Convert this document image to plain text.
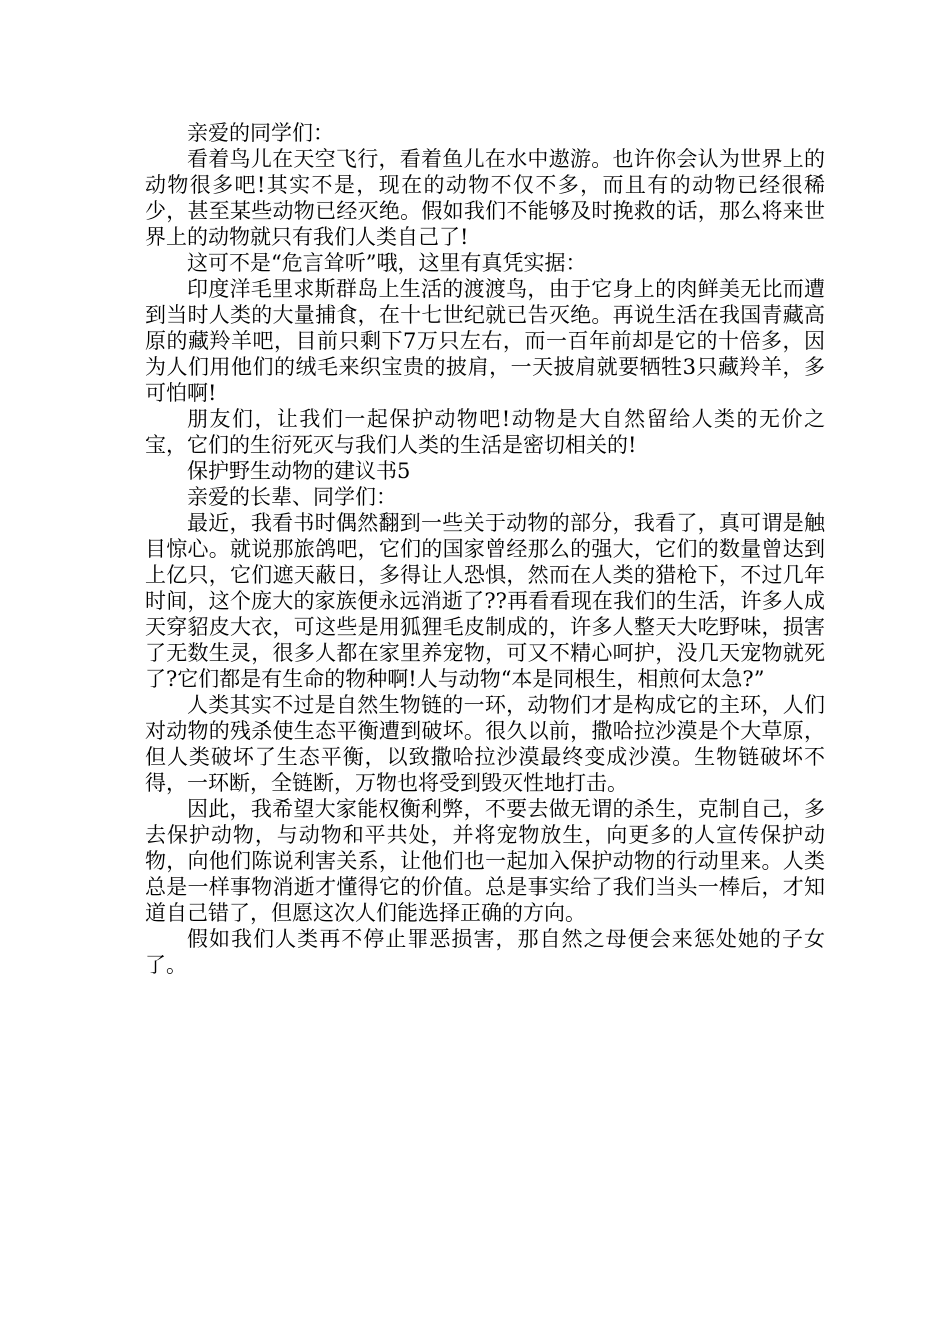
亲爱的同学们：

看着鸟儿在天空飞行，看着鱼儿在水中遨游。也许你会认为世界上的动物很多吧!其实不是，现在的动物不仅不多，而且有的动物已经很稀少，甚至某些动物已经灭绝。假如我们不能够及时挽救的话，那么将来世界上的动物就只有我们人类自己了!

这可不是“危言耸听”哦，这里有真凭实据：

印度洋毛里求斯群岛上生活的渡渡鸟，由于它身上的肉鲜美无比而遭到当时人类的大量捕食，在十七世纪就已告灭绝。再说生活在我国青藏高原的藏羚羊吧，目前只剩下7万只左右，而一百年前却是它的十倍多，因为人们用他们的绒毛来织宝贵的披肩，一天披肩就要牺牲3只藏羚羊，多可怕啊!

朋友们，让我们一起保护动物吧!动物是大自然留给人类的无价之宝，它们的生衍死灭与我们人类的生活是密切相关的!

保护野生动物的建议书5

亲爱的长辈、同学们：

最近，我看书时偶然翻到一些关于动物的部分，我看了，真可谓是触目惊心。就说那旅鸽吧，它们的国家曾经那么的强大，它们的数量曾达到上亿只，它们遮天蔽日，多得让人恐惧，然而在人类的猎枪下，不过几年时间，这个庞大的家族便永远消逝了??再看看现在我们的生活，许多人成天穿貂皮大衣，可这些是用狐狸毛皮制成的，许多人整天大吃野味，损害了无数生灵，很多人都在家里养宠物，可又不精心呵护，没几天宠物就死了?它们都是有生命的物种啊!人与动物“本是同根生，相煎何太急?”

人类其实不过是自然生物链的一环，动物们才是构成它的主环，人们对动物的残杀使生态平衡遭到破坏。很久以前，撒哈拉沙漠是个大草原，但人类破坏了生态平衡，以致撒哈拉沙漠最终变成沙漠。生物链破坏不得，一环断，全链断，万物也将受到毁灭性地打击。

因此，我希望大家能权衡利弊，不要去做无谓的杀生，克制自己，多去保护动物，与动物和平共处，并将宠物放生，向更多的人宣传保护动物，向他们陈说利害关系，让他们也一起加入保护动物的行动里来。人类总是一样事物消逝才懂得它的价值。总是事实给了我们当头一棒后，才知道自己错了，但愿这次人们能选择正确的方向。

假如我们人类再不停止罪恶损害，那自然之母便会来惩处她的子女了。
